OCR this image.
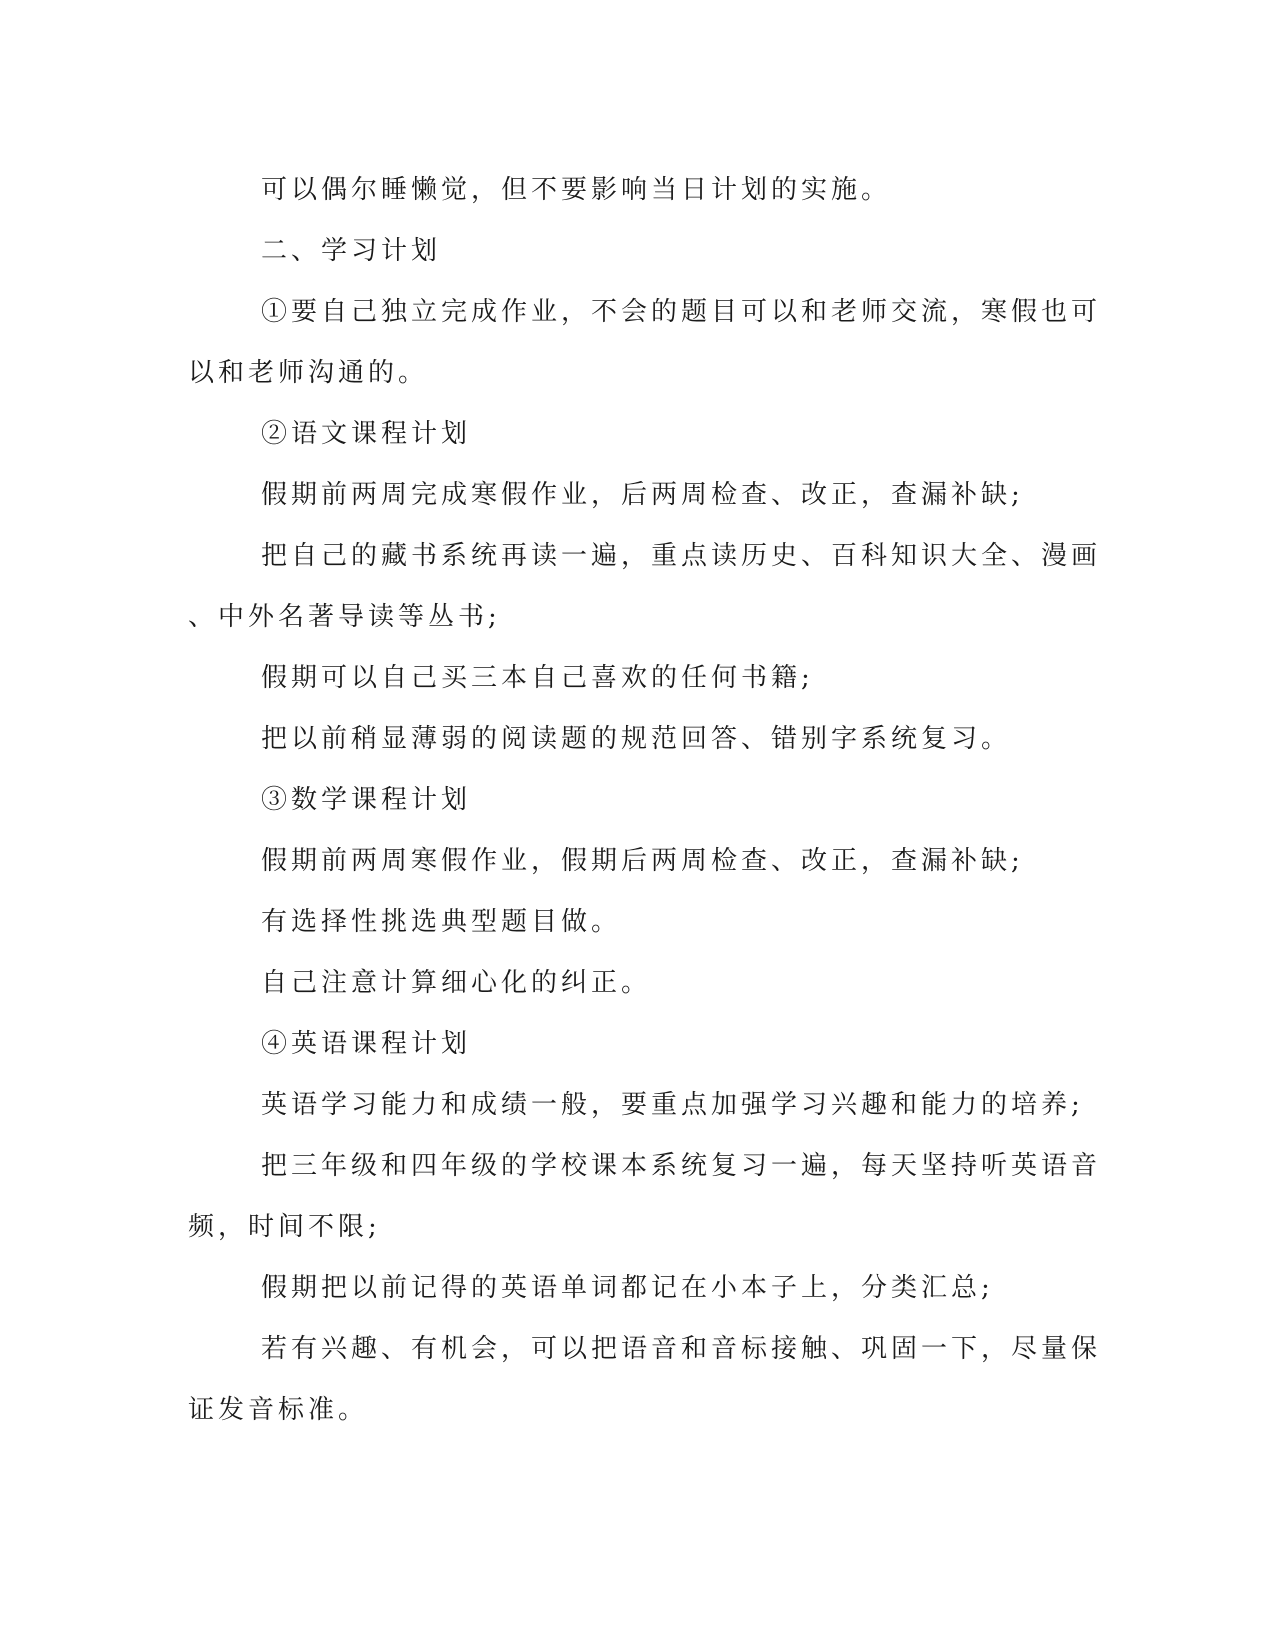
可以偶尔睡懒觉，但不要影响当日计划的实施。
二、学习计划
①要自己独立完成作业，不会的题目可以和老师交流，寒假也可
以和老师沟通的。
②语文课程计划
假期前两周完成寒假作业，后两周检查、改正，查漏补缺;
把自己的藏书系统再读一遍，重点读历史、百科知识大全、漫画
、中外名著导读等丛书;
假期可以自己买三本自己喜欢的任何书籍;
把以前稍显薄弱的阅读题的规范回答、错别字系统复习。
③数学课程计划
假期前两周寒假作业，假期后两周检查、改正，查漏补缺;
有选择性挑选典型题目做。
自己注意计算细心化的纠正。
④英语课程计划
英语学习能力和成绩一般，要重点加强学习兴趣和能力的培养;
把三年级和四年级的学校课本系统复习一遍，每天坚持听英语音
频，时间不限;
假期把以前记得的英语单词都记在小本子上，分类汇总;
若有兴趣、有机会，可以把语音和音标接触、巩固一下，尽量保
证发音标准。
